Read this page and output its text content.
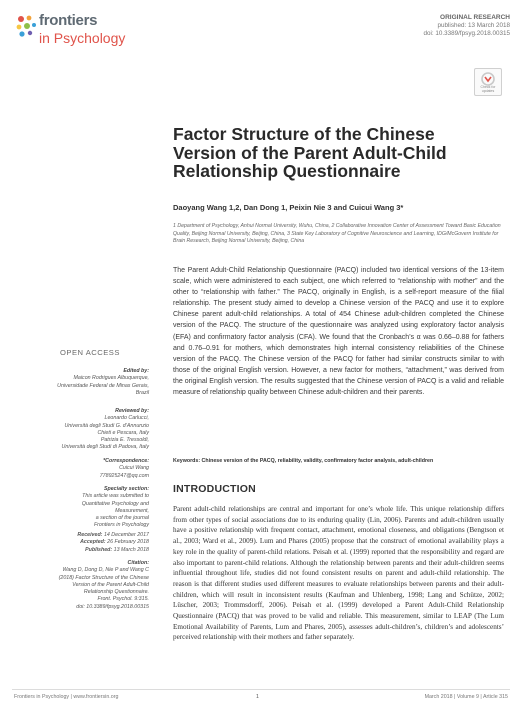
frontiers
in Psychology
ORIGINAL RESEARCH
published: 13 March 2018
doi: 10.3389/fpsyg.2018.00315
Check for updates
Factor Structure of the Chinese Version of the Parent Adult-Child Relationship Questionnaire
Daoyang Wang 1,2, Dan Dong 1, Peixin Nie 3 and Cuicui Wang 3*
1 Department of Psychology, Anhui Normal University, Wuhu, China, 2 Collaborative Innovation Center of Assessment Toward Basic Education Quality, Beijing Normal University, Beijing, China, 3 State Key Laboratory of Cognitive Neuroscience and Learning, IDG/McGovern Institute for Brain Research, Beijing Normal University, Beijing, China
The Parent Adult-Child Relationship Questionnaire (PACQ) included two identical versions of the 13-item scale, which were administered to each subject, one which referred to “relationship with mother” and the other to “relationship with father.” The PACQ, originally in English, is a self-report measure of the filial relationship. The present study aimed to develop a Chinese version of the PACQ and use it to explore Chinese parent adult-child relationships. A total of 454 Chinese adult-children completed the Chinese version of the PACQ. The structure of the questionnaire was analyzed using exploratory factor analysis (EFA) and confirmatory factor analysis (CFA). We found that the Cronbach’s α was 0.66–0.88 for fathers and 0.76–0.91 for mothers, which demonstrates high internal consistency reliabilities of the Chinese version of the PACQ. The Chinese version of the PACQ for father had similar constructs similar to with those of the original English version. However, a new factor for mothers, “attachment,” was derived from the original English version. The results suggested that the Chinese version of PACQ is a valid and reliable measure of relationship quality between Chinese adult-children and their parents.
Keywords: Chinese version of the PACQ, reliability, validity, confirmatory factor analysis, adult-children
OPEN ACCESS
Edited by:
Maicon Rodrigues Albuquerque,
Universidade Federal de Minas Gerais,
Brazil
Reviewed by:
Leonardo Carlucci,
Università degli Studi G. d’Annunzio
Chieti e Pescara, Italy
Patrizia E. Tressoldi,
Università degli Studi di Padova, Italy
*Correspondence:
Cuicui Wang
778925247@qq.com
Specialty section:
This article was submitted to
Quantitative Psychology and
Measurement,
a section of the journal
Frontiers in Psychology
Received: 14 December 2017
Accepted: 26 February 2018
Published: 13 March 2018
Citation:
Wang D, Dong D, Nie P and Wang C
(2018) Factor Structure of the Chinese
Version of the Parent Adult-Child
Relationship Questionnaire.
Front. Psychol. 9:315.
doi: 10.3389/fpsyg.2018.00315
INTRODUCTION
Parent adult-child relationships are central and important for one’s whole life. This unique relationship differs from other types of social associations due to its enduring quality (Lin, 2006). Parents and adult-children usually have a positive relationship with frequent contact, attachment, emotional closeness, and obligations (Bengtson et al., 2003; Ward et al., 2009). Lum and Phares (2005) propose that the construct of emotional availability plays a key role in the quality of parent-child relations. Peisah et al. (1999) reported that the responsibility and regard are also important to parent-child relations. Although the relationship between parents and their adult-children seems influential throughout life, studies did not found consistent results on parent and adult-child relationship. The reason is that different studies used different measures to evaluate relationships between parents and their adult-children, which will result in inconsistent results (Kaufman and Uhlenberg, 1998; Lang and Schütze, 2002; Lüscher, 2003; Trommsdorff, 2006). Peisah et al. (1999) developed a Parent Adult-Child Relationship Questionnaire (PACQ) that was proved to be valid and reliable. This measurement, similar to LEAP (The Lum Emotional Availability of Parents, Lum and Phares, 2005), assesses adult-children’s, children’s and adolescents’ perceived relationship with their mothers and father separately.
Frontiers in Psychology | www.frontiersin.org	1	March 2018 | Volume 9 | Article 315
